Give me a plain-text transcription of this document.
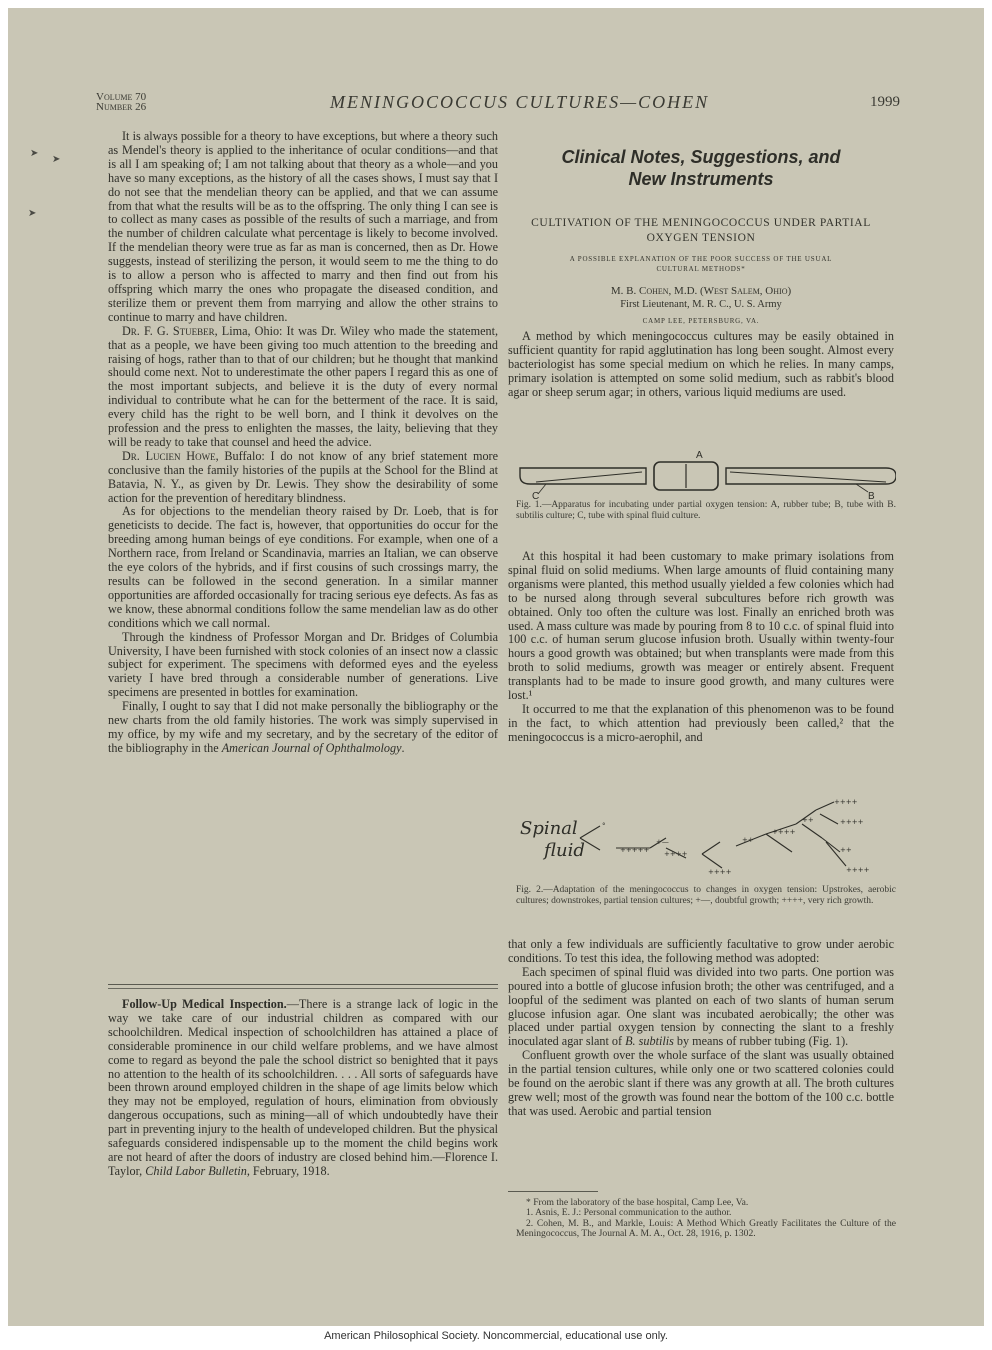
Volume 70
Number 26	MENINGOCOCCUS CULTURES—COHEN	1999

It is always possible for a theory to have exceptions, but where a theory such as Mendel's theory is applied to the inheritance of ocular conditions—and that is all I am speaking of; I am not talking about that theory as a whole—and you have so many exceptions, as the history of all the cases shows, I must say that I do not see that the mendelian theory can be applied, and that we can assume from that what the results will be as to the offspring. The only thing I can see is to collect as many cases as possible of the results of such a marriage, and from the number of children calculate what percentage is likely to become involved. If the mendelian theory were true as far as man is concerned, then as Dr. Howe suggests, instead of sterilizing the person, it would seem to me the thing to do is to allow a person who is affected to marry and then find out from his offspring which marry the ones who propagate the diseased condition, and sterilize them or prevent them from marrying and allow the other strains to continue to marry and have children.

Dr. F. G. Stueber, Lima, Ohio: It was Dr. Wiley who made the statement, that as a people, we have been giving too much attention to the breeding and raising of hogs, rather than to that of our children; but he thought that mankind should come next. Not to underestimate the other papers I regard this as one of the most important subjects, and believe it is the duty of every normal individual to contribute what he can for the betterment of the race. It is said, every child has the right to be well born, and I think it devolves on the profession and the press to enlighten the masses, the laity, believing that they will be ready to take that counsel and heed the advice.

Dr. Lucien Howe, Buffalo: I do not know of any brief statement more conclusive than the family histories of the pupils at the School for the Blind at Batavia, N. Y., as given by Dr. Lewis. They show the desirability of some action for the prevention of hereditary blindness.

As for objections to the mendelian theory raised by Dr. Loeb, that is for geneticists to decide. The fact is, however, that opportunities do occur for the breeding among human beings of eye conditions. For example, when one of a Northern race, from Ireland or Scandinavia, marries an Italian, we can observe the eye colors of the hybrids, and if first cousins of such crossings marry, the results can be followed in the second generation. In a similar manner opportunities are afforded occasionally for tracing serious eye defects. As fas as we know, these abnormal conditions follow the same mendelian law as do other conditions which we call normal.

Through the kindness of Professor Morgan and Dr. Bridges of Columbia University, I have been furnished with stock colonies of an insect now a classic subject for experiment. The specimens with deformed eyes and the eyeless variety I have bred through a considerable number of generations. Live specimens are presented in bottles for examination.

Finally, I ought to say that I did not make personally the bibliography or the new charts from the old family histories. The work was simply supervised in my office, by my wife and my secretary, and by the secretary of the editor of the bibliography in the American Journal of Ophthalmology.

Follow-Up Medical Inspection.—There is a strange lack of logic in the way we take care of our industrial children as compared with our schoolchildren. Medical inspection of schoolchildren has attained a place of considerable prominence in our child welfare problems, and we have almost come to regard as beyond the pale the school district so benighted that it pays no attention to the health of its schoolchildren. . . . All sorts of safeguards have been thrown around employed children in the shape of age limits below which they may not be employed, regulation of hours, elimination from obviously dangerous occupations, such as mining—all of which undoubtedly have their part in preventing injury to the health of undeveloped children. But the physical safeguards considered indispensable up to the moment the child begins work are not heard of after the doors of industry are closed behind him.—Florence I. Taylor, Child Labor Bulletin, February, 1918.

Clinical Notes, Suggestions, and
New Instruments
CULTIVATION OF THE MENINGOCOCCUS UNDER PARTIAL
OXYGEN TENSION
A POSSIBLE EXPLANATION OF THE POOR SUCCESS OF THE USUAL
CULTURAL METHODS*
M. B. Cohen, M.D. (West Salem, Ohio)
First Lieutenant, M. R. C., U. S. Army
CAMP LEE, PETERSBURG, VA.

A method by which meningococcus cultures may be easily obtained in sufficient quantity for rapid agglutination has long been sought. Almost every bacteriologist has some special medium on which he relies. In many camps, primary isolation is attempted on some solid medium, such as rabbit's blood agar or sheep serum agar; in others, various liquid mediums are used.

A
B
C
Fig. 1.—Apparatus for incubating under partial oxygen tension: A, rubber tube; B, tube with B. subtilis culture; C, tube with spinal fluid culture.

At this hospital it had been customary to make primary isolations from spinal fluid on solid mediums. When large amounts of fluid containing many organisms were planted, this method usually yielded a few colonies which had to be nursed along through several subcultures before rich growth was obtained. Only too often the culture was lost. Finally an enriched broth was used. A mass culture was made by pouring from 8 to 10 c.c. of spinal fluid into 100 c.c. of human serum glucose infusion broth. Usually within twenty-four hours a good growth was obtained; but when transplants were made from this broth to solid mediums, growth was meager or entirely absent. Frequent transplants had to be made to insure good growth, and many cultures were lost.¹

It occurred to me that the explanation of this phenomenon was to be found in the fact, to which attention had previously been called,² that the meningococcus is a micro-aerophil, and

Spinal
fluid
°
+++++
+—
++++
++++
++
++++
++
++++
++++
++
++++
Fig. 2.—Adaptation of the meningococcus to changes in oxygen tension: Upstrokes, aerobic cultures; downstrokes, partial tension cultures; +—, doubtful growth; ++++, very rich growth.

that only a few individuals are sufficiently facultative to grow under aerobic conditions. To test this idea, the following method was adopted:

Each specimen of spinal fluid was divided into two parts. One portion was poured into a bottle of glucose infusion broth; the other was centrifuged, and a loopful of the sediment was planted on each of two slants of human serum glucose infusion agar. One slant was incubated aerobically; the other was placed under partial oxygen tension by connecting the slant to a freshly inoculated agar slant of B. subtilis by means of rubber tubing (Fig. 1).

Confluent growth over the whole surface of the slant was usually obtained in the partial tension cultures, while only one or two scattered colonies could be found on the aerobic slant if there was any growth at all. The broth cultures grew well; most of the growth was found near the bottom of the 100 c.c. bottle that was used. Aerobic and partial tension

* From the laboratory of the base hospital, Camp Lee, Va.
1. Asnis, E. J.: Personal communication to the author.
2. Cohen, M. B., and Markle, Louis: A Method Which Greatly Facilitates the Culture of the Meningococcus, The Journal A. M. A., Oct. 28, 1916, p. 1302.
➤
➤
➤
American Philosophical Society. Noncommercial, educational use only.
